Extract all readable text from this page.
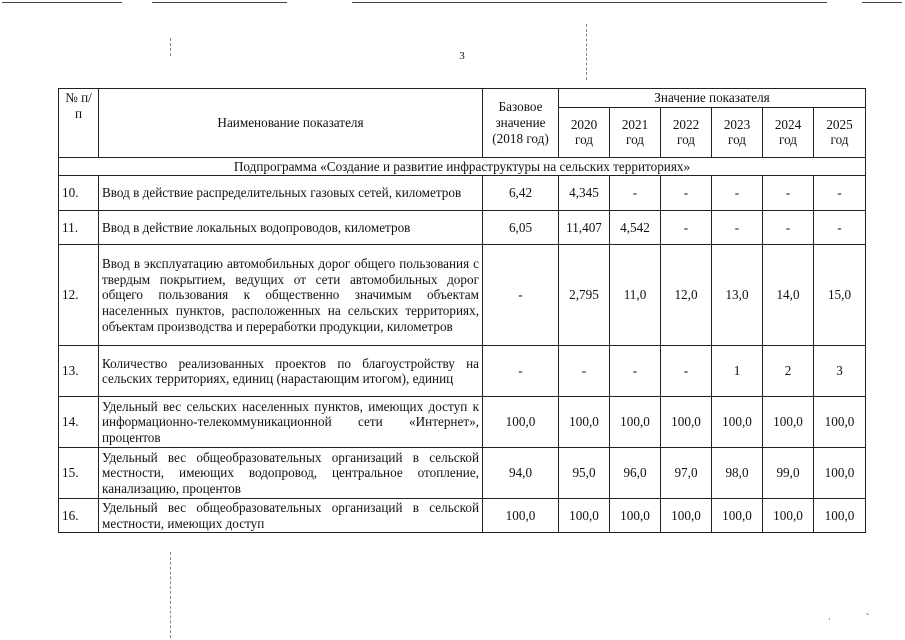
3
№ п/п	Наименование показателя	Базовое значение (2018 год)	Значение показателя					
			2020 год	2021 год	2022 год	2023 год	2024 год	2025 год
Подпрограмма «Создание и развитие инфраструктуры на сельских территориях»								
10.	Ввод в действие распределительных газовых сетей, километров	6,42	4,345	-	-	-	-	-
11.	Ввод в действие локальных водопроводов, километров	6,05	11,407	4,542	-	-	-	-
12.	Ввод в эксплуатацию автомобильных дорог общего пользования с твердым покрытием, ведущих от сети автомобильных дорог общего пользования к общественно значимым объектам населенных пунктов, расположенных на сельских территориях, объектам производства и переработки продукции, километров	-	2,795	11,0	12,0	13,0	14,0	15,0
13.	Количество реализованных проектов по благоустройству на сельских территориях, единиц (нарастающим итогом), единиц	-	-	-	-	1	2	3
14.	Удельный вес сельских населенных пунктов, имеющих доступ к информационно-телекоммуникационной сети «Интернет», процентов	100,0	100,0	100,0	100,0	100,0	100,0	100,0
15.	Удельный вес общеобразовательных организаций в сельской местности, имеющих водопровод, центральное отопление, канализацию, процентов	94,0	95,0	96,0	97,0	98,0	99,0	100,0
16.	Удельный вес общеобразовательных организаций в сельской местности, имеющих доступ	100,0	100,0	100,0	100,0	100,0	100,0	100,0
·	˜
